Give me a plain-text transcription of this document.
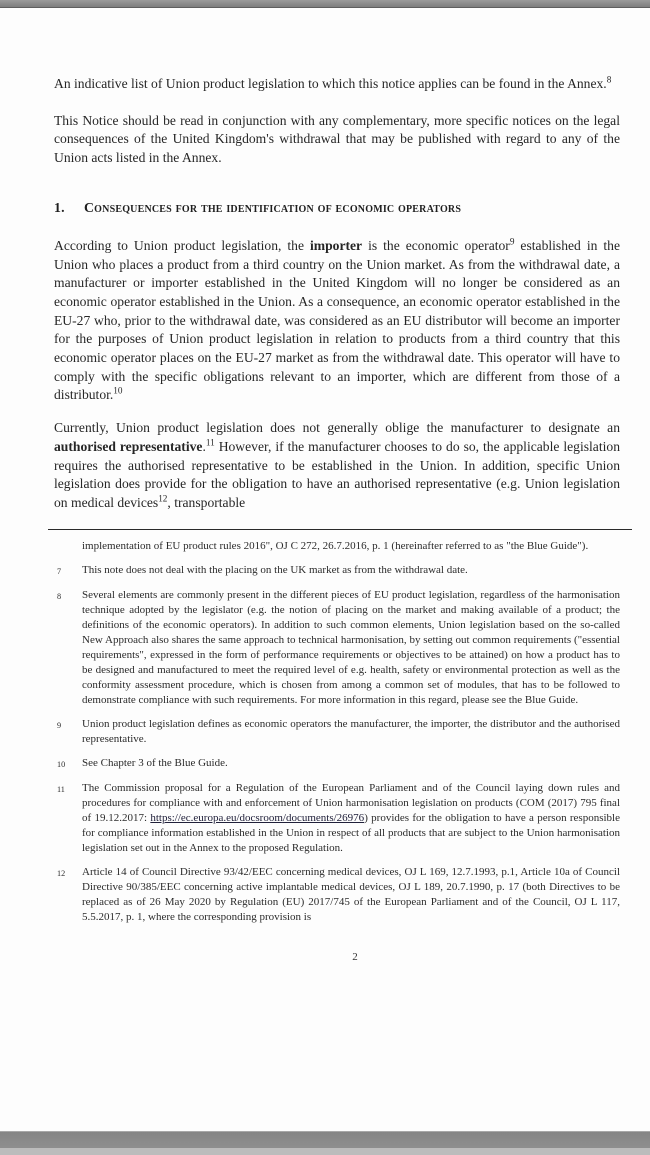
An indicative list of Union product legislation to which this notice applies can be found in the Annex.$^8$
This Notice should be read in conjunction with any complementary, more specific notices on the legal consequences of the United Kingdom's withdrawal that may be published with regard to any of the Union acts listed in the Annex.
1.	Consequences for the identification of economic operators
According to Union product legislation, the importer is the economic operator$^9$ established in the Union who places a product from a third country on the Union market. As from the withdrawal date, a manufacturer or importer established in the United Kingdom will no longer be considered as an economic operator established in the Union. As a consequence, an economic operator established in the EU-27 who, prior to the withdrawal date, was considered as an EU distributor will become an importer for the purposes of Union product legislation in relation to products from a third country that this economic operator places on the EU-27 market as from the withdrawal date. This operator will have to comply with the specific obligations relevant to an importer, which are different from those of a distributor.$^{10}$
Currently, Union product legislation does not generally oblige the manufacturer to designate an authorised representative.$^{11}$ However, if the manufacturer chooses to do so, the applicable legislation requires the authorised representative to be established in the Union. In addition, specific Union legislation does provide for the obligation to have an authorised representative (e.g. Union legislation on medical devices$^{12}$, transportable
implementation of EU product rules 2016", OJ C 272, 26.7.2016, p. 1 (hereinafter referred to as "the Blue Guide").
7	This note does not deal with the placing on the UK market as from the withdrawal date.
8	Several elements are commonly present in the different pieces of EU product legislation, regardless of the harmonisation technique adopted by the legislator (e.g. the notion of placing on the market and making available of a product; the definitions of the economic operators). In addition to such common elements, Union legislation based on the so-called New Approach also shares the same approach to technical harmonisation, by setting out common requirements ("essential requirements", expressed in the form of performance requirements or objectives to be attained) on how a product has to be designed and manufactured to meet the required level of e.g. health, safety or environmental protection as well as the conformity assessment procedure, which is chosen from among a common set of modules, that has to be followed to demonstrate compliance with such requirements. For more information in this regard, please see the Blue Guide.
9	Union product legislation defines as economic operators the manufacturer, the importer, the distributor and the authorised representative.
10	See Chapter 3 of the Blue Guide.
11	The Commission proposal for a Regulation of the European Parliament and of the Council laying down rules and procedures for compliance with and enforcement of Union harmonisation legislation on products (COM (2017) 795 final of 19.12.2017: https://ec.europa.eu/docsroom/documents/26976) provides for the obligation to have a person responsible for compliance information established in the Union in respect of all products that are subject to the Union harmonisation legislation set out in the Annex to the proposed Regulation.
12	Article 14 of Council Directive 93/42/EEC concerning medical devices, OJ L 169, 12.7.1993, p.1, Article 10a of Council Directive 90/385/EEC concerning active implantable medical devices, OJ L 189, 20.7.1990, p. 17 (both Directives to be replaced as of 26 May 2020 by Regulation (EU) 2017/745 of the European Parliament and of the Council, OJ L 117, 5.5.2017, p. 1, where the corresponding provision is
2
